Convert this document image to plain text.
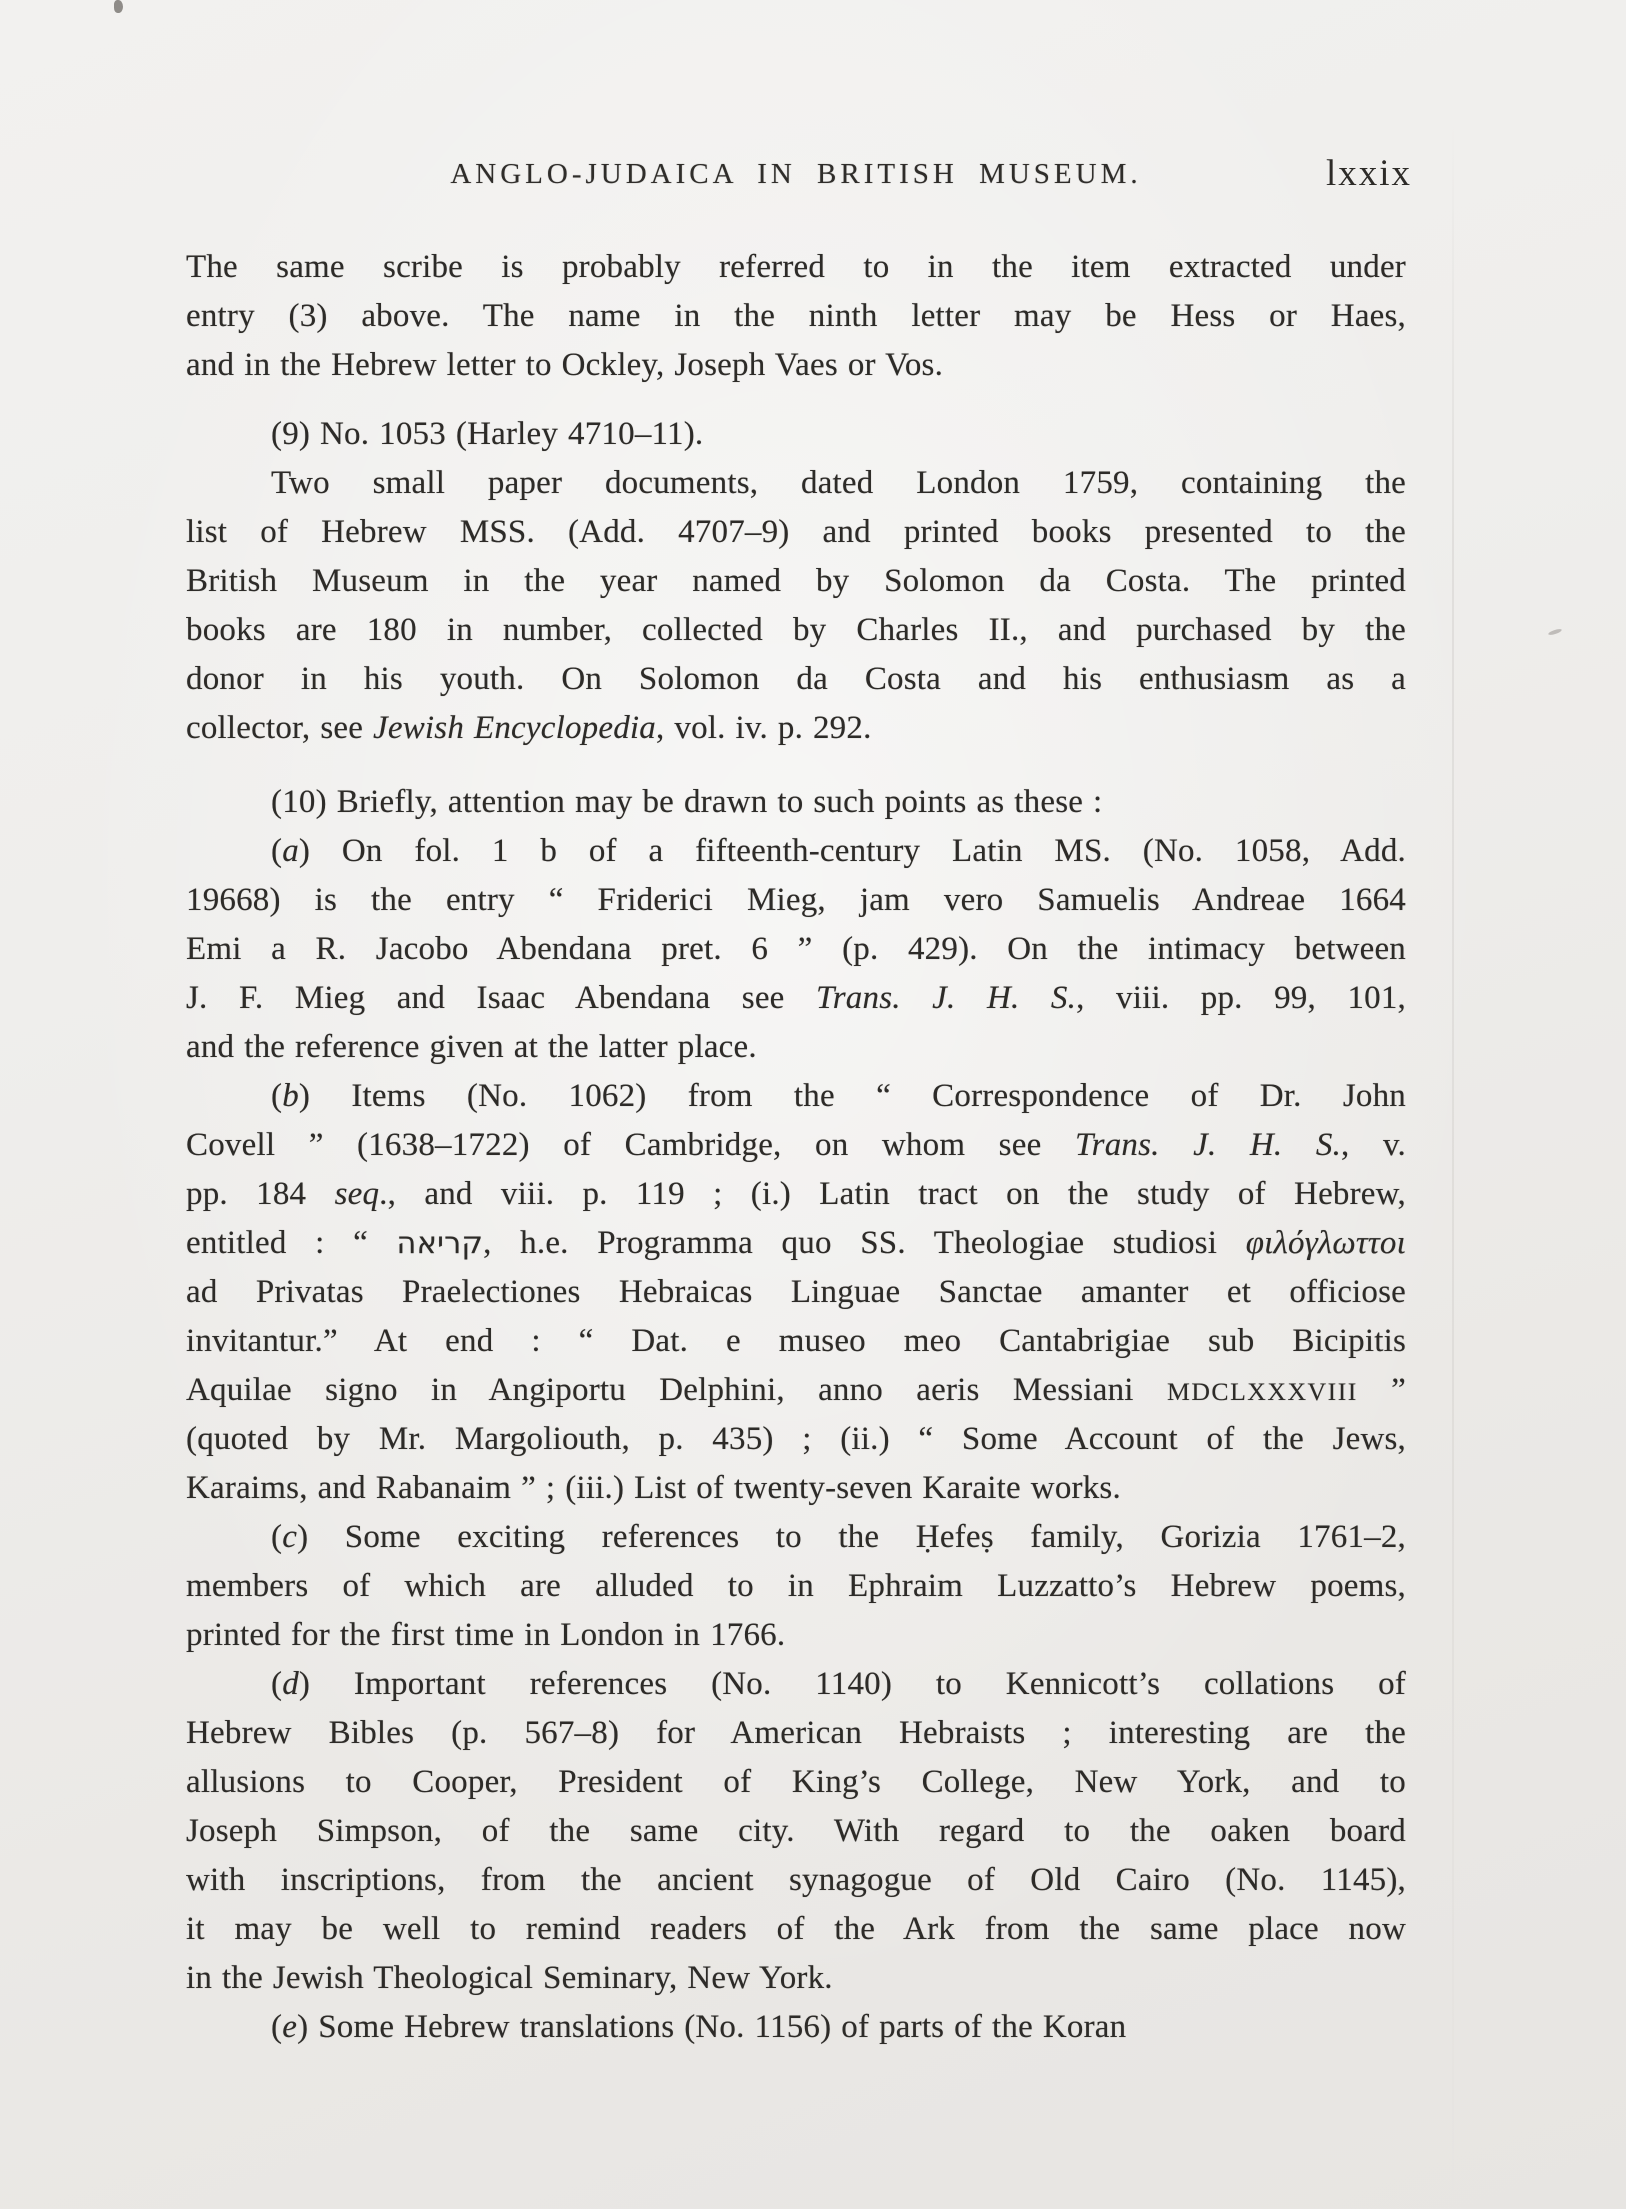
ANGLO-JUDAICA IN BRITISH MUSEUM.	lxxix
The same scribe is probably referred to in the item extracted under
entry (3) above. The name in the ninth letter may be Hess or Haes,
and in the Hebrew letter to Ockley, Joseph Vaes or Vos.
(9) No. 1053 (Harley 4710–11).
Two small paper documents, dated London 1759, containing the
list of Hebrew MSS. (Add. 4707–9) and printed books presented to the
British Museum in the year named by Solomon da Costa. The printed
books are 180 in number, collected by Charles II., and purchased by the
donor in his youth. On Solomon da Costa and his enthusiasm as a
collector, see Jewish Encyclopedia, vol. iv. p. 292.
(10) Briefly, attention may be drawn to such points as these :
(a) On fol. 1 b of a fifteenth-century Latin MS. (No. 1058, Add.
19668) is the entry “ Friderici Mieg, jam vero Samuelis Andreae 1664
Emi a R. Jacobo Abendana pret. 6 ” (p. 429). On the intimacy between
J. F. Mieg and Isaac Abendana see Trans. J. H. S., viii. pp. 99, 101,
and the reference given at the latter place.
(b) Items (No. 1062) from the “ Correspondence of Dr. John
Covell ” (1638–1722) of Cambridge, on whom see Trans. J. H. S., v.
pp. 184 seq., and viii. p. 119 ; (i.) Latin tract on the study of Hebrew,
entitled : “ קריאה, h.e. Programma quo SS. Theologiae studiosi φιλόγλωττοι
ad Privatas Praelectiones Hebraicas Linguae Sanctae amanter et officiose
invitantur.” At end : “ Dat. e museo meo Cantabrigiae sub Bicipitis
Aquilae signo in Angiportu Delphini, anno aeris Messiani MDCLXXXVIII ”
(quoted by Mr. Margoliouth, p. 435) ; (ii.) “ Some Account of the Jews,
Karaims, and Rabanaim ” ; (iii.) List of twenty-seven Karaite works.
(c) Some exciting references to the Ḥefeṣ family, Gorizia 1761–2,
members of which are alluded to in Ephraim Luzzatto’s Hebrew poems,
printed for the first time in London in 1766.
(d) Important references (No. 1140) to Kennicott’s collations of
Hebrew Bibles (p. 567–8) for American Hebraists ; interesting are the
allusions to Cooper, President of King’s College, New York, and to
Joseph Simpson, of the same city. With regard to the oaken board
with inscriptions, from the ancient synagogue of Old Cairo (No. 1145),
it may be well to remind readers of the Ark from the same place now
in the Jewish Theological Seminary, New York.
(e) Some Hebrew translations (No. 1156) of parts of the Koran
